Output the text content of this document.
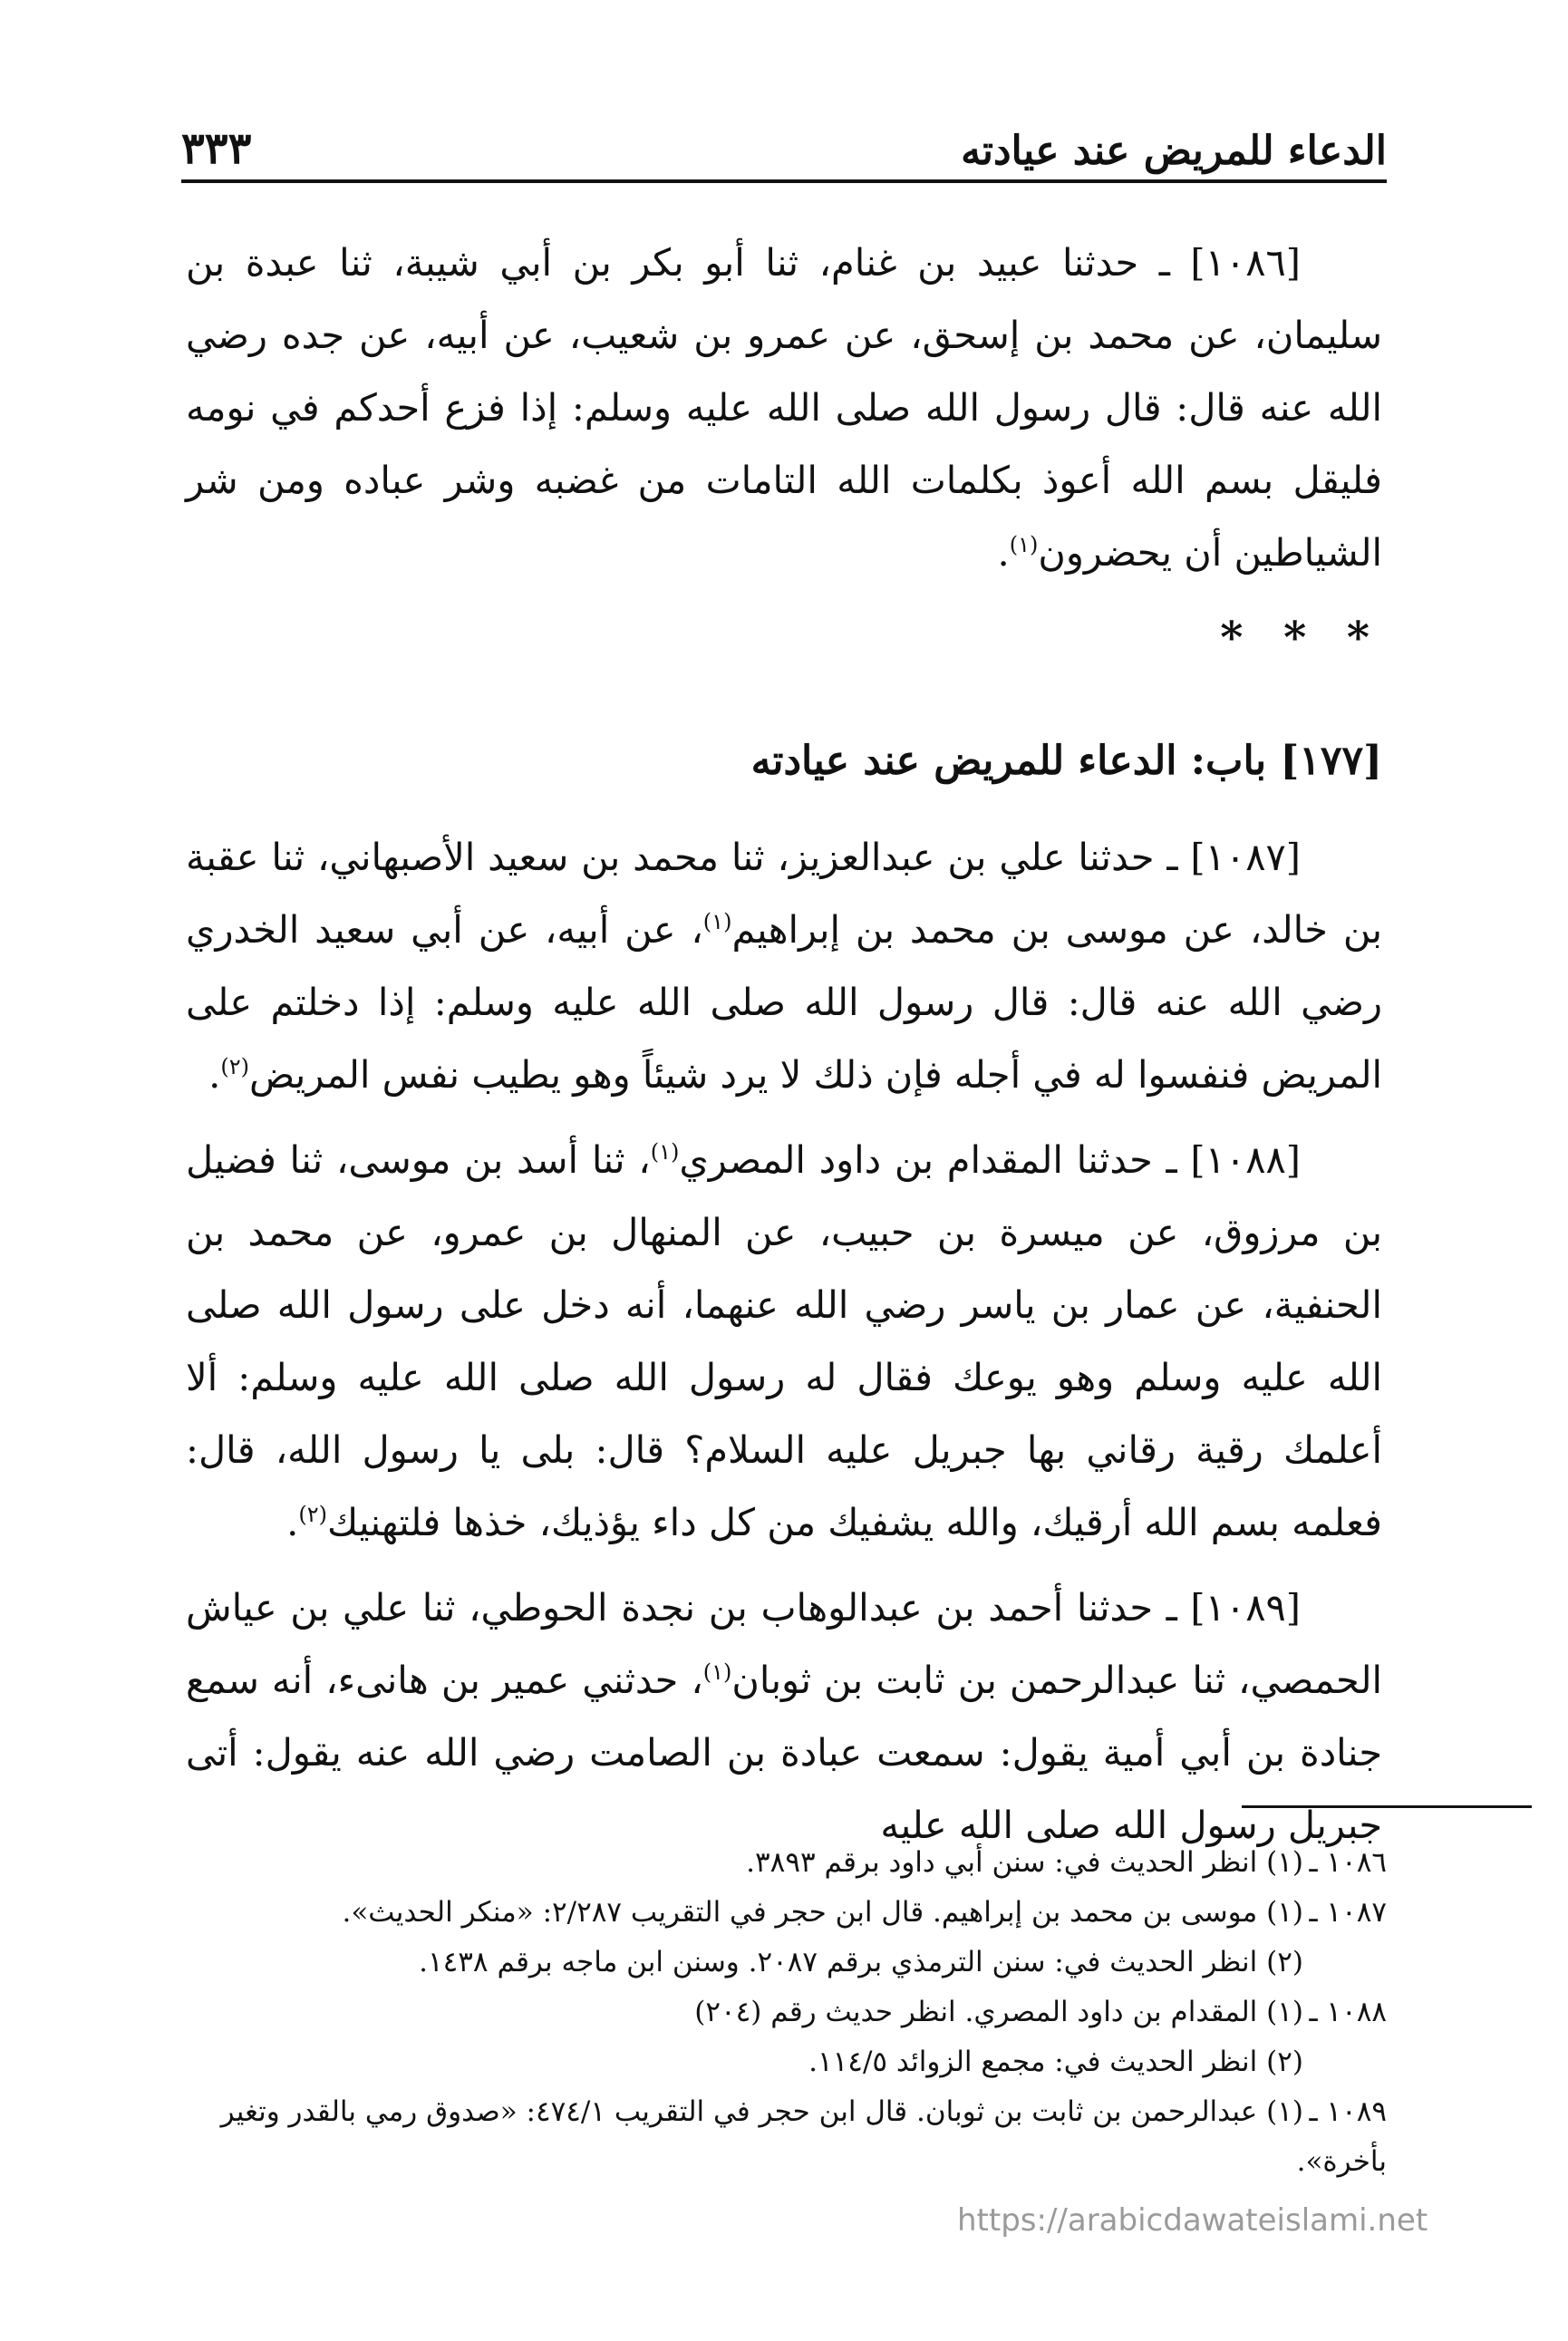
الدعاء للمريض عند عيادته
٣٣٣

[١٠٨٦] ـ حدثنا عبيد بن غنام، ثنا أبو بكر بن أبي شيبة، ثنا عبدة بن سليمان، عن محمد بن إسحق، عن عمرو بن شعيب، عن أبيه، عن جده رضي الله عنه قال: قال رسول الله صلى الله عليه وسلم: إذا فزع أحدكم في نومه فليقل بسم الله أعوذ بكلمات الله التامات من غضبه وشر عباده ومن شر الشياطين أن يحضرون$^{(١)}$.

* * *
[١٧٧] باب: الدعاء للمريض عند عيادته

[١٠٨٧] ـ حدثنا علي بن عبدالعزيز، ثنا محمد بن سعيد الأصبهاني، ثنا عقبة بن خالد، عن موسى بن محمد بن إبراهيم$^{(١)}$، عن أبيه، عن أبي سعيد الخدري رضي الله عنه قال: قال رسول الله صلى الله عليه وسلم: إذا دخلتم على المريض فنفسوا له في أجله فإن ذلك لا يرد شيئاً وهو يطيب نفس المريض$^{(٢)}$.

[١٠٨٨] ـ حدثنا المقدام بن داود المصري$^{(١)}$، ثنا أسد بن موسى، ثنا فضيل بن مرزوق، عن ميسرة بن حبيب، عن المنهال بن عمرو، عن محمد بن الحنفية، عن عمار بن ياسر رضي الله عنهما، أنه دخل على رسول الله صلى الله عليه وسلم وهو يوعك فقال له رسول الله صلى الله عليه وسلم: ألا أعلمك رقية رقاني بها جبريل عليه السلام؟ قال: بلى يا رسول الله، قال: فعلمه بسم الله أرقيك، والله يشفيك من كل داء يؤذيك، خذها فلتهنيك$^{(٢)}$.

[١٠٨٩] ـ حدثنا أحمد بن عبدالوهاب بن نجدة الحوطي، ثنا علي بن عياش الحمصي، ثنا عبدالرحمن بن ثابت بن ثوبان$^{(١)}$، حدثني عمير بن هانىء، أنه سمع جنادة بن أبي أمية يقول: سمعت عبادة بن الصامت رضي الله عنه يقول: أتى جبريل رسول الله صلى الله عليه

١٠٨٦ ـ(١) انظر الحديث في: سنن أبي داود برقم ٣٨٩٣.
١٠٨٧ ـ(١) موسى بن محمد بن إبراهيم. قال ابن حجر في التقريب ٢/٢٨٧: «منكر الحديث».
(٢) انظر الحديث في: سنن الترمذي برقم ٢٠٨٧. وسنن ابن ماجه برقم ١٤٣٨.
١٠٨٨ ـ(١) المقدام بن داود المصري. انظر حديث رقم (٢٠٤)
(٢) انظر الحديث في: مجمع الزوائد ١١٤/٥.
١٠٨٩ ـ(١) عبدالرحمن بن ثابت بن ثوبان. قال ابن حجر في التقريب ٤٧٤/١: «صدوق رمي بالقدر وتغير
بأخرة».
https://arabicdawateislami.net
